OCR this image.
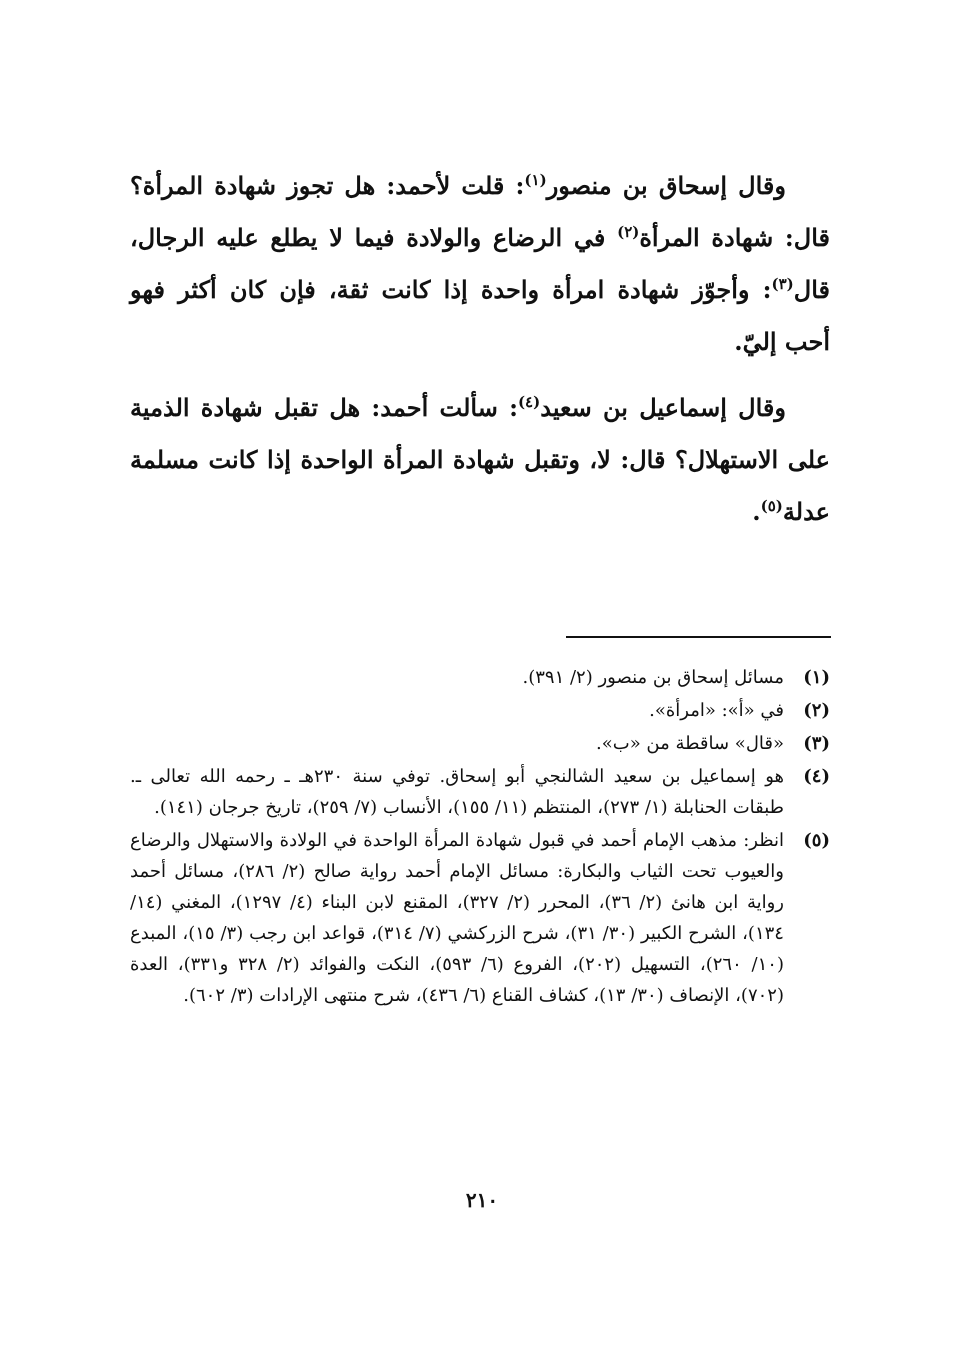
وقال إسحاق بن منصور$^{(١)}$: قلت لأحمد: هل تجوز شهادة المرأة؟ قال: شهادة المرأة$^{(٢)}$ في الرضاع والولادة فيما لا يطلع عليه الرجال، قال$^{(٣)}$: وأجوّز شهادة امرأة واحدة إذا كانت ثقة، فإن كان أكثر فهو أحب إليّ.

وقال إسماعيل بن سعيد$^{(٤)}$: سألت أحمد: هل تقبل شهادة الذمية على الاستهلال؟ قال: لا، وتقبل شهادة المرأة الواحدة إذا كانت مسلمة عدلة$^{(٥)}$.

(١)
مسائل إسحاق بن منصور (٢/ ٣٩١).
(٢)
في «أ»: «امرأة».
(٣)
«قال» ساقطة من «ب».
(٤)
هو إسماعيل بن سعيد الشالنجي أبو إسحاق. توفي سنة ٢٣٠هـ ـ رحمه الله تعالى ـ. طبقات الحنابلة (١/ ٢٧٣)، المنتظم (١١/ ١٥٥)، الأنساب (٧/ ٢٥٩)، تاريخ جرجان (١٤١).
(٥)
انظر: مذهب الإمام أحمد في قبول شهادة المرأة الواحدة في الولادة والاستهلال والرضاع والعيوب تحت الثياب والبكارة: مسائل الإمام أحمد رواية صالح (٢/ ٢٨٦)، مسائل أحمد رواية ابن هانئ (٢/ ٣٦)، المحرر (٢/ ٣٢٧)، المقنع لابن البناء (٤/ ١٢٩٧)، المغني (١٤/ ١٣٤)، الشرح الكبير (٣٠/ ٣١)، شرح الزركشي (٧/ ٣١٤)، قواعد ابن رجب (٣/ ١٥)، المبدع (١٠/ ٢٦٠)، التسهيل (٢٠٢)، الفروع (٦/ ٥٩٣)، النكت والفوائد (٢/ ٣٢٨ و٣٣١)، العدة (٧٠٢)، الإنصاف (٣٠/ ١٣)، كشاف القناع (٦/ ٤٣٦)، شرح منتهى الإرادات (٣/ ٦٠٢).
٢١٠
